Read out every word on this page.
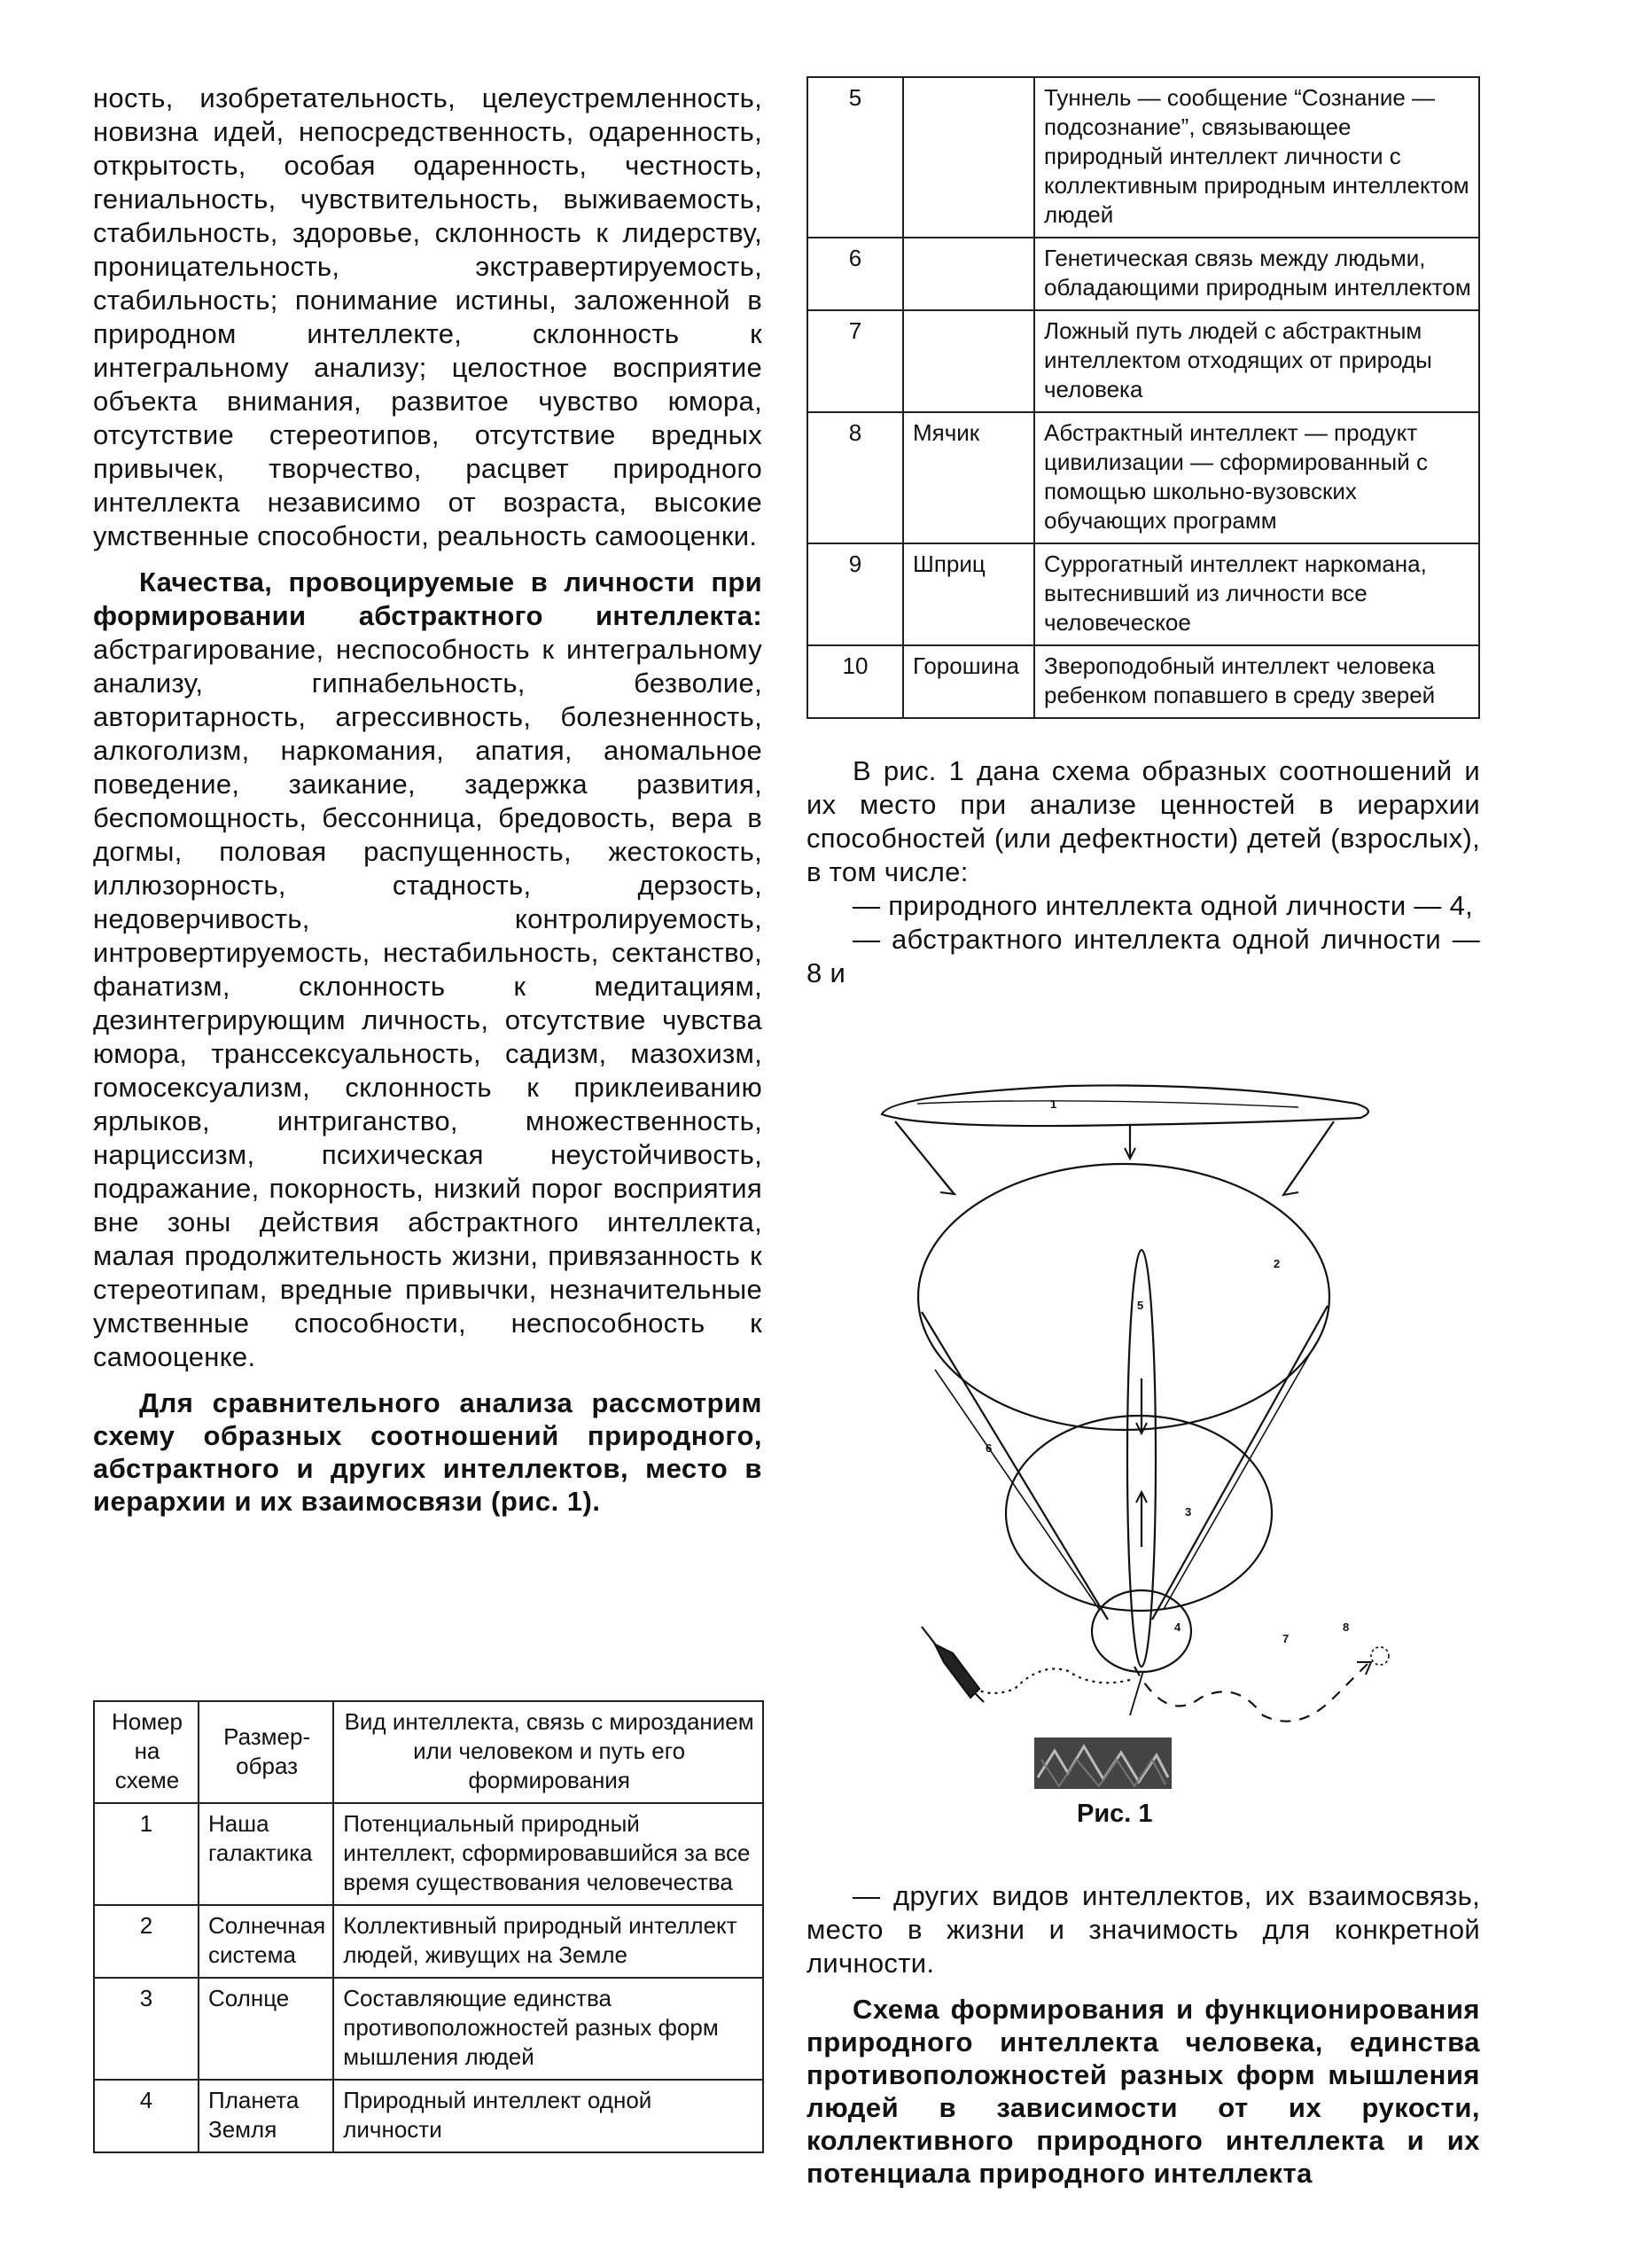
ность, изобретательность, целеустремленность, новизна идей, непосредственность, одаренность, открытость, особая одаренность, честность, гениальность, чувствительность, выживаемость, стабильность, здоровье, склонность к лидерству, проницательность, экстравертируемость, стабильность; понимание истины, заложенной в природном интеллекте, склонность к интегральному анализу; целостное восприятие объекта внимания, развитое чувство юмора, отсутствие стереотипов, отсутствие вредных привычек, творчество, расцвет природного интеллекта независимо от возраста, высокие умственные способности, реальность самооценки.

Качества, провоцируемые в личности при формировании абстрактного интеллекта: абстрагирование, неспособность к интегральному анализу, гипнабельность, безволие, авторитарность, агрессивность, болезненность, алкоголизм, наркомания, апатия, аномальное поведение, заикание, задержка развития, беспомощность, бессонница, бредовость, вера в догмы, половая распущенность, жестокость, иллюзорность, стадность, дерзость, недоверчивость, контролируемость, интровертируемость, нестабильность, сектанство, фанатизм, склонность к медитациям, дезинтегрирующим личность, отсутствие чувства юмора, транссексуальность, садизм, мазохизм, гомосексуализм, склонность к приклеиванию ярлыков, интриганство, множественность, нарциссизм, психическая неустойчивость, подражание, покорность, низкий порог восприятия вне зоны действия абстрактного интеллекта, малая продолжительность жизни, привязанность к стереотипам, вредные привычки, незначительные умственные способности, неспособность к самооценке.

Для сравнительного анализа рассмотрим схему образных соотношений природного, абстрактного и других интеллектов, место в иерархии и их взаимосвязи (рис. 1).

Номер на схеме	Размер-образ	Вид интеллекта, связь с мирозданием или человеком и путь его формирования
1	Наша галактика	Потенциальный природный интеллект, сформировавшийся за все время существования человечества
2	Солнечная система	Коллективный природный интеллект людей, живущих на Земле
3	Солнце	Составляющие единства противоположностей разных форм мышления людей
4	Планета Земля	Природный интеллект одной личности
5		Туннель — сообщение “Сознание — подсознание”, связывающее природный интеллект личности с коллективным природным интеллектом людей
6		Генетическая связь между людьми, обладающими природным интеллектом
7		Ложный путь людей с абстрактным интеллектом отходящих от природы человека
8	Мячик	Абстрактный интеллект — продукт цивилизации — сформированный с помощью школьно-вузовских обучающих программ
9	Шприц	Суррогатный интеллект наркомана, вытеснивший из личности все человеческое
10	Горошина	Звероподобный интеллект человека ребенком попавшего в среду зверей

В рис. 1 дана схема образных соотношений и их место при анализе ценностей в иерархии способностей (или дефектности) детей (взрослых), в том числе:

— природного интеллекта одной личности — 4,

— абстрактного интеллекта одной личности — 8 и

1
2
3
4
5
6
7
8
Рис. 1

— других видов интеллектов, их взаимосвязь, место в жизни и значимость для конкретной личности.

Схема формирования и функционирования природного интеллекта человека, единства противоположностей разных форм мышления людей в зависимости от их рукости, коллективного природного интеллекта и их потенциала природного интеллекта
